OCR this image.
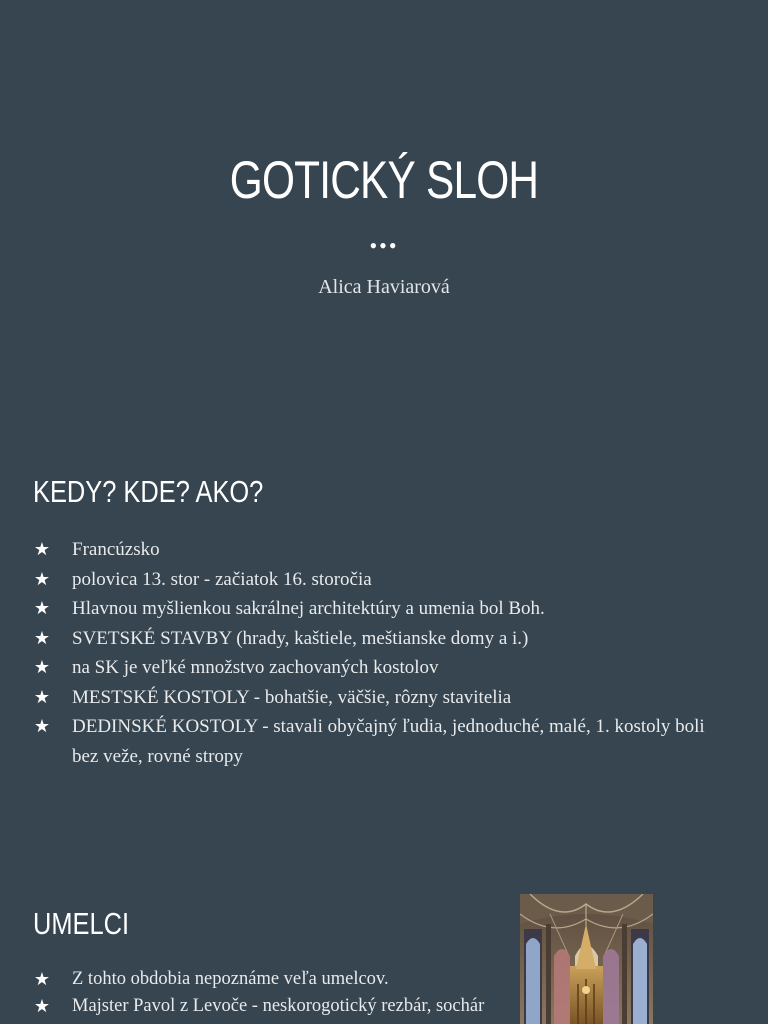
GOTICKÝ SLOH
•••
Alica Haviarová
KEDY? KDE? AKO?
★ Francúzsko
★ polovica 13. stor - začiatok 16. storočia
★ Hlavnou myšlienkou sakrálnej architektúry a umenia bol Boh.
★ SVETSKÉ STAVBY (hrady, kaštiele, meštianske domy a i.)
★ na SK je veľké množstvo zachovaných kostolov
★ MESTSKÉ KOSTOLY - bohatšie, väčšie, rôzny stavitelia
★ DEDINSKÉ KOSTOLY - stavali obyčajný ľudia, jednoduché, malé, 1. kostoly boli bez veže, rovné stropy
UMELCI
★ Z tohto obdobia nepoznáme veľa umelcov.
★ Majster Pavol z Levoče - neskorogotický rezbár, sochár
